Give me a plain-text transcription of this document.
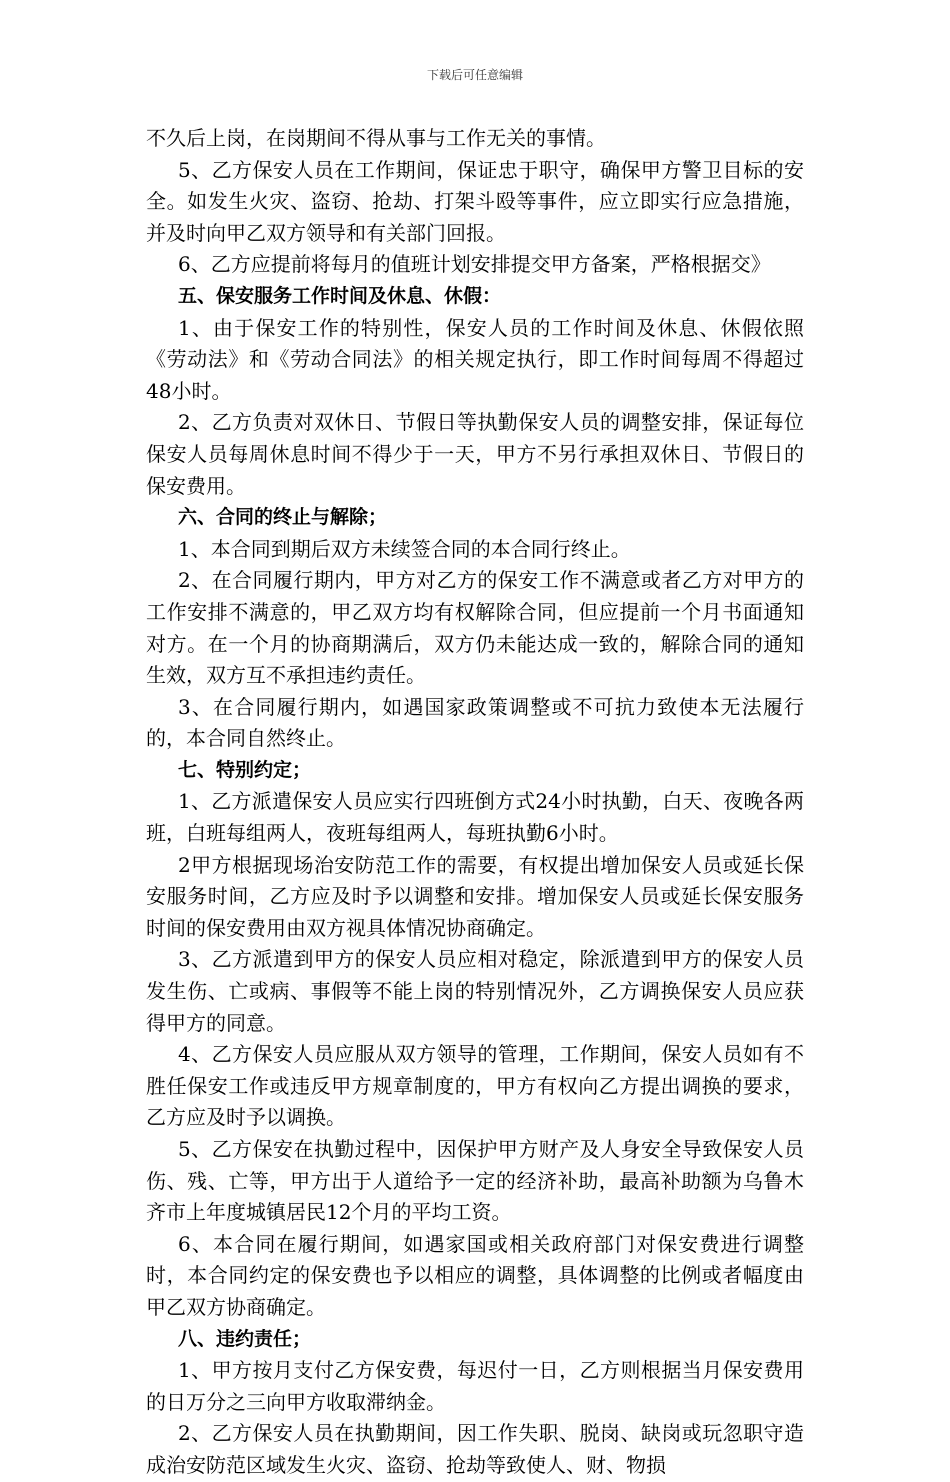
下载后可任意编辑

不久后上岗，在岗期间不得从事与工作无关的事情。

5、乙方保安人员在工作期间，保证忠于职守，确保甲方警卫目标的安全。如发生火灾、盗窃、抢劫、打架斗殴等事件，应立即实行应急措施，并及时向甲乙双方领导和有关部门回报。

6、乙方应提前将每月的值班计划安排提交甲方备案，严格根据交》

五、保安服务工作时间及休息、休假：

1、由于保安工作的特别性，保安人员的工作时间及休息、休假依照《劳动法》和《劳动合同法》的相关规定执行，即工作时间每周不得超过48小时。

2、乙方负责对双休日、节假日等执勤保安人员的调整安排，保证每位保安人员每周休息时间不得少于一天，甲方不另行承担双休日、节假日的保安费用。

六、合同的终止与解除；

1、本合同到期后双方未续签合同的本合同行终止。

2、在合同履行期内，甲方对乙方的保安工作不满意或者乙方对甲方的工作安排不满意的，甲乙双方均有权解除合同，但应提前一个月书面通知对方。在一个月的协商期满后，双方仍未能达成一致的，解除合同的通知生效，双方互不承担违约责任。

3、在合同履行期内，如遇国家政策调整或不可抗力致使本无法履行的，本合同自然终止。

七、特别约定；

1、乙方派遣保安人员应实行四班倒方式24小时执勤，白天、夜晚各两班，白班每组两人，夜班每组两人，每班执勤6小时。

2甲方根据现场治安防范工作的需要，有权提出增加保安人员或延长保安服务时间，乙方应及时予以调整和安排。增加保安人员或延长保安服务时间的保安费用由双方视具体情况协商确定。

3、乙方派遣到甲方的保安人员应相对稳定，除派遣到甲方的保安人员发生伤、亡或病、事假等不能上岗的特别情况外，乙方调换保安人员应获得甲方的同意。

4、乙方保安人员应服从双方领导的管理，工作期间，保安人员如有不胜任保安工作或违反甲方规章制度的，甲方有权向乙方提出调换的要求，乙方应及时予以调换。

5、乙方保安在执勤过程中，因保护甲方财产及人身安全导致保安人员伤、残、亡等，甲方出于人道给予一定的经济补助，最高补助额为乌鲁木齐市上年度城镇居民12个月的平均工资。

6、本合同在履行期间，如遇家国或相关政府部门对保安费进行调整时，本合同约定的保安费也予以相应的调整，具体调整的比例或者幅度由甲乙双方协商确定。

八、违约责任；

1、甲方按月支付乙方保安费，每迟付一日，乙方则根据当月保安费用的日万分之三向甲方收取滞纳金。

2、乙方保安人员在执勤期间，因工作失职、脱岗、缺岗或玩忽职守造成治安防范区域发生火灾、盗窃、抢劫等致使人、财、物损
